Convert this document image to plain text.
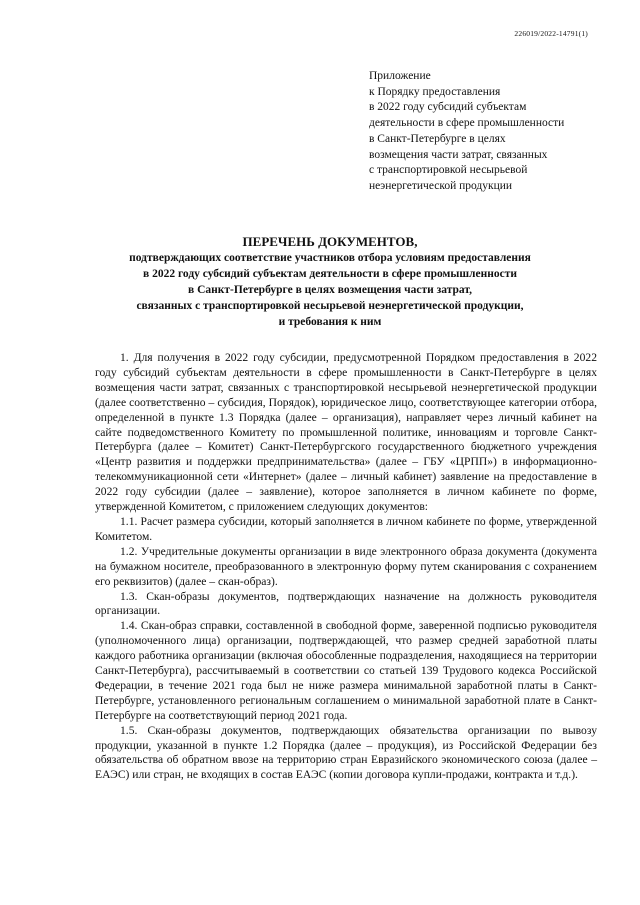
226019/2022-14791(1)
Приложение
к Порядку предоставления
в 2022 году субсидий субъектам
деятельности в сфере промышленности
в Санкт-Петербурге в целях
возмещения части затрат, связанных
с транспортировкой несырьевой
неэнергетической продукции
ПЕРЕЧЕНЬ ДОКУМЕНТОВ,
подтверждающих соответствие участников отбора условиям предоставления
в 2022 году субсидий субъектам деятельности в сфере промышленности
в Санкт-Петербурге в целях возмещения части затрат,
связанных с транспортировкой несырьевой неэнергетической продукции,
и требования к ним

1. Для получения в 2022 году субсидии, предусмотренной Порядком предоставления в 2022 году субсидий субъектам деятельности в сфере промышленности в Санкт-Петербурге в целях возмещения части затрат, связанных с транспортировкой несырьевой неэнергетической продукции (далее соответственно – субсидия, Порядок), юридическое лицо, соответствующее категории отбора, определенной в пункте 1.3 Порядка (далее – организация), направляет через личный кабинет на сайте подведомственного Комитету по промышленной политике, инновациям и торговле Санкт-Петербурга (далее – Комитет) Санкт-Петербургского государственного бюджетного учреждения «Центр развития и поддержки предпринимательства» (далее – ГБУ «ЦРПП») в информационно-телекоммуникационной сети «Интернет» (далее – личный кабинет) заявление на предоставление в 2022 году субсидии (далее – заявление), которое заполняется в личном кабинете по форме, утвержденной Комитетом, с приложением следующих документов:

1.1. Расчет размера субсидии, который заполняется в личном кабинете по форме, утвержденной Комитетом.

1.2. Учредительные документы организации в виде электронного образа документа (документа на бумажном носителе, преобразованного в электронную форму путем сканирования с сохранением его реквизитов) (далее – скан-образ).

1.3. Скан-образы документов, подтверждающих назначение на должность руководителя организации.

1.4. Скан-образ справки, составленной в свободной форме, заверенной подписью руководителя (уполномоченного лица) организации, подтверждающей, что размер средней заработной платы каждого работника организации (включая обособленные подразделения, находящиеся на территории Санкт-Петербурга), рассчитываемый в соответствии со статьей 139 Трудового кодекса Российской Федерации, в течение 2021 года был не ниже размера минимальной заработной платы в Санкт-Петербурге, установленного региональным соглашением о минимальной заработной плате в Санкт-Петербурге на соответствующий период 2021 года.

1.5. Скан-образы документов, подтверждающих обязательства организации по вывозу продукции, указанной в пункте 1.2 Порядка (далее – продукция), из Российской Федерации без обязательства об обратном ввозе на территорию стран Евразийского экономического союза (далее – ЕАЭС) или стран, не входящих в состав ЕАЭС (копии договора купли-продажи, контракта и т.д.).
